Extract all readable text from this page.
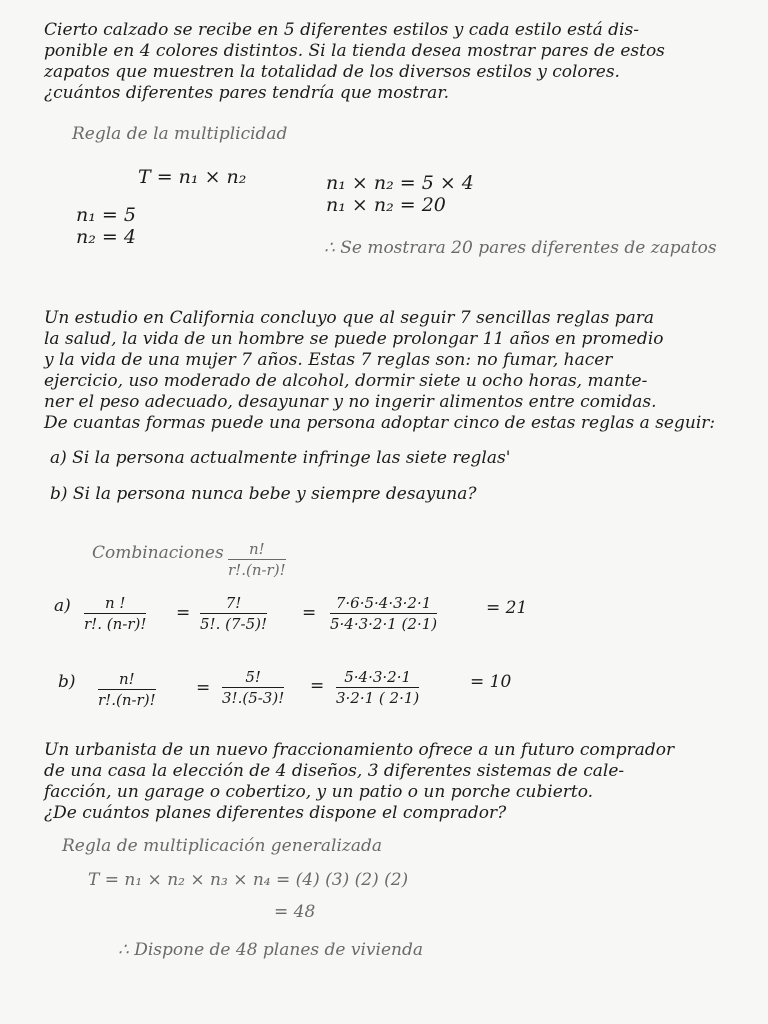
Cierto calzado se recibe en 5 diferentes estilos y cada estilo está dis-
ponible en 4 colores distintos. Si la tienda desea mostrar pares de estos
zapatos que muestren la totalidad de los diversos estilos y colores.
¿cuántos diferentes pares tendría que mostrar.
Regla de la multiplicidad
T = n₁ × n₂
n₁ = 5
n₂ = 4
n₁ × n₂ = 5 × 4
n₁ × n₂ = 20
∴ Se mostrara 20 pares diferentes de zapatos
Un estudio en California concluyo que al seguir 7 sencillas reglas para
la salud, la vida de un hombre se puede prolongar 11 años en promedio
y la vida de una mujer 7 años. Estas 7 reglas son: no fumar, hacer
ejercicio, uso moderado de alcohol, dormir siete u ocho horas, mante-
ner el peso adecuado, desayunar y no ingerir alimentos entre comidas.
De cuantas formas puede una persona adoptar cinco de estas reglas a seguir:
a) Si la persona actualmente infringe las siete reglas'
b) Si la persona nunca bebe y siempre desayuna?
Combinaciones $\frac{n!}{r!.(n-r)!}$
$a) \frac{n !}{r!. (n-r)!} = \frac{7!}{5!. (7-5)!} = \frac{7\cdot 6\cdot 5\cdot 4\cdot 3\cdot 2\cdot 1}{5\cdot 4\cdot 3\cdot 2\cdot 1 (2\cdot 1)}$	= 21
$b) \frac{n!}{r!.(n-r)!} = \frac{5!}{3!.(5-3)!} = \frac{5\cdot 4\cdot 3\cdot 2\cdot 1}{3\cdot 2\cdot 1 ( 2\cdot 1)}$	= 10
Un urbanista de un nuevo fraccionamiento ofrece a un futuro comprador
de una casa la elección de 4 diseños, 3 diferentes sistemas de cale-
facción, un garage o cobertizo, y un patio o un porche cubierto.
¿De cuántos planes diferentes dispone el comprador?
Regla de multiplicación generalizada
T = n₁ × n₂ × n₃ × n₄ = (4) (3) (2) (2)
= 48
∴ Dispone de 48 planes de vivienda
